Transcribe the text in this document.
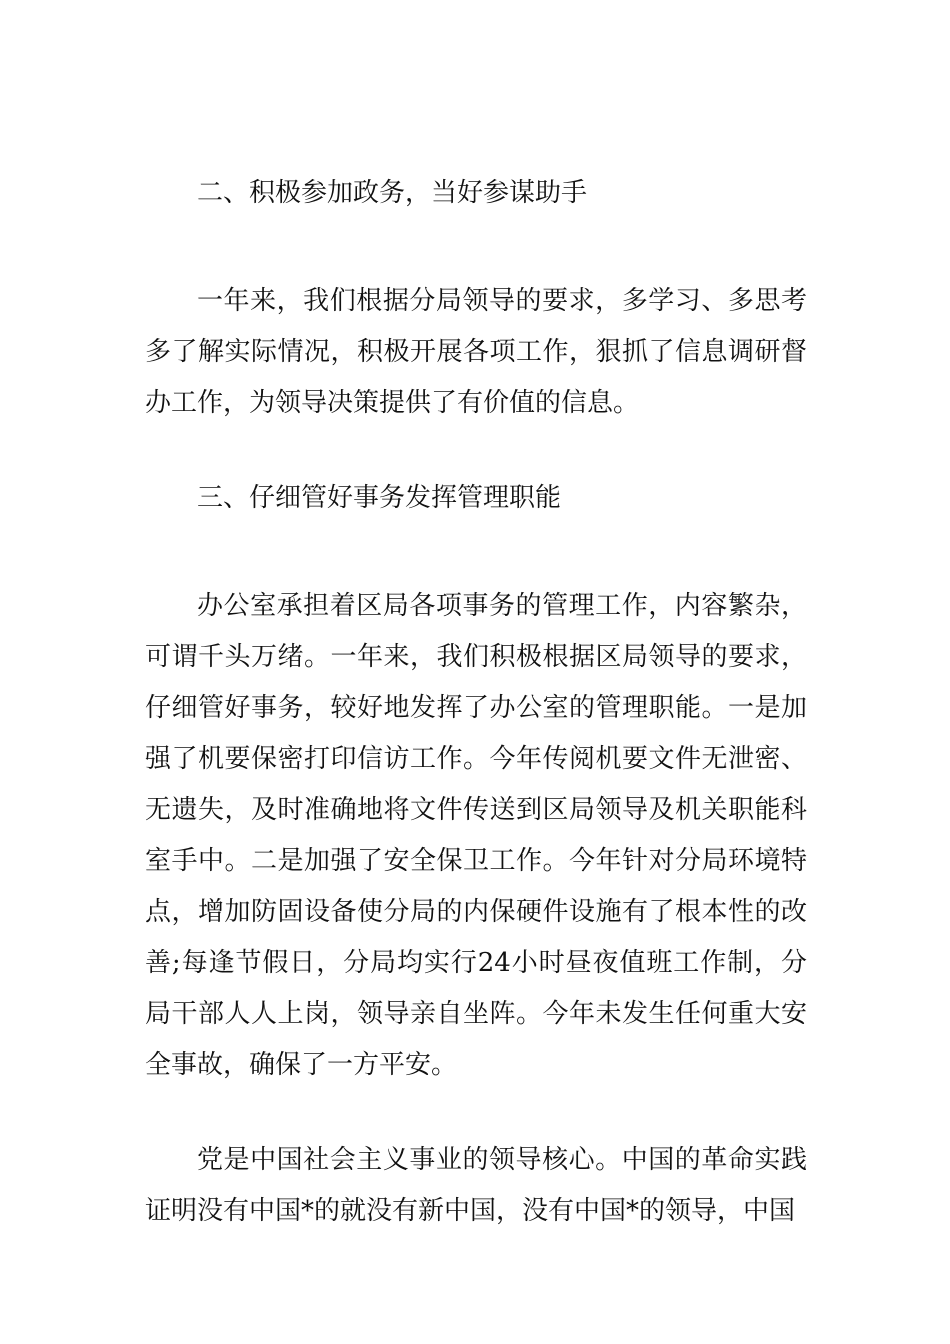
二、积极参加政务，当好参谋助手

一年来，我们根据分局领导的要求，多学习、多思考多了解实际情况，积极开展各项工作，狠抓了信息调研督办工作，为领导决策提供了有价值的信息。

三、仔细管好事务发挥管理职能

办公室承担着区局各项事务的管理工作，内容繁杂，可谓千头万绪。一年来，我们积极根据区局领导的要求，仔细管好事务，较好地发挥了办公室的管理职能。一是加强了机要保密打印信访工作。今年传阅机要文件无泄密、无遗失，及时准确地将文件传送到区局领导及机关职能科室手中。二是加强了安全保卫工作。今年针对分局环境特点，增加防固设备使分局的内保硬件设施有了根本性的改善;每逢节假日，分局均实行24小时昼夜值班工作制，分局干部人人上岗，领导亲自坐阵。今年未发生任何重大安全事故，确保了一方平安。

党是中国社会主义事业的领导核心。中国的革命实践证明没有中国*的就没有新中国，没有中国*的领导，中国
